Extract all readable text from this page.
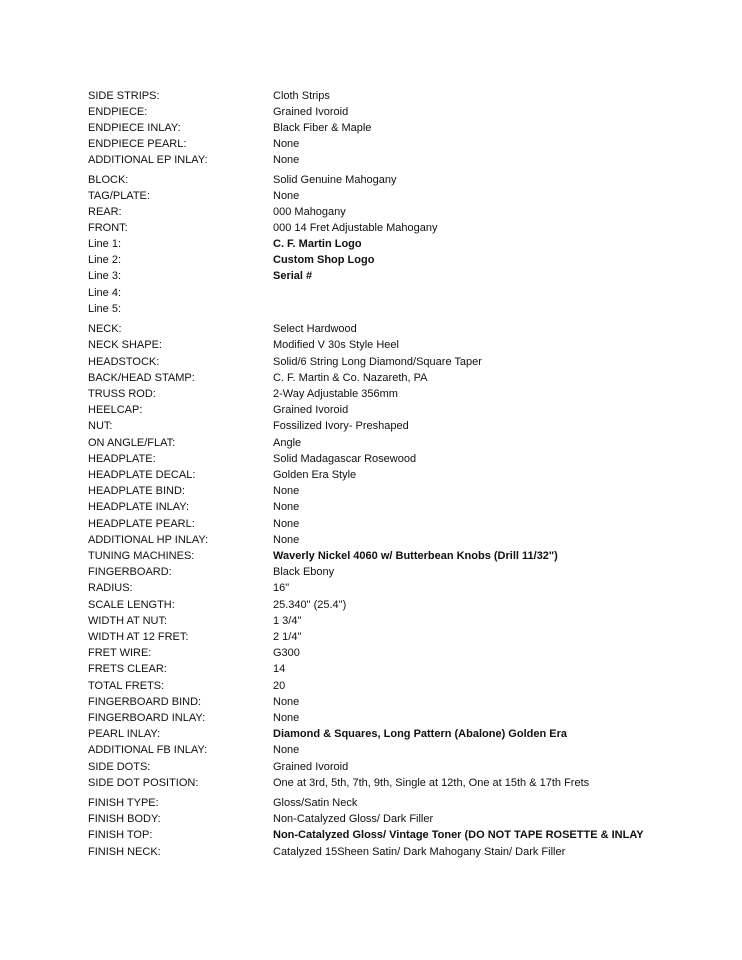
SIDE STRIPS:	Cloth Strips
ENDPIECE:	Grained Ivoroid
ENDPIECE INLAY:	Black Fiber & Maple
ENDPIECE PEARL:	None
ADDITIONAL EP INLAY:	None
BLOCK:	Solid Genuine Mahogany
TAG/PLATE:	None
REAR:	000 Mahogany
FRONT:	000 14 Fret Adjustable Mahogany
Line 1:	C. F. Martin Logo
Line 2:	Custom Shop Logo
Line 3:	Serial #
Line 4:
Line 5:
NECK:	Select Hardwood
NECK SHAPE:	Modified V 30s Style Heel
HEADSTOCK:	Solid/6 String Long Diamond/Square Taper
BACK/HEAD STAMP:	C. F. Martin & Co. Nazareth, PA
TRUSS ROD:	2-Way Adjustable 356mm
HEELCAP:	Grained Ivoroid
NUT:	Fossilized Ivory- Preshaped
ON ANGLE/FLAT:	Angle
HEADPLATE:	Solid Madagascar Rosewood
HEADPLATE DECAL:	Golden Era Style
HEADPLATE BIND:	None
HEADPLATE INLAY:	None
HEADPLATE PEARL:	None
ADDITIONAL HP INLAY:	None
TUNING MACHINES:	Waverly Nickel 4060 w/ Butterbean Knobs (Drill 11/32")
FINGERBOARD:	Black Ebony
RADIUS:	16"
SCALE LENGTH:	25.340" (25.4")
WIDTH AT NUT:	1 3/4"
WIDTH AT 12 FRET:	2 1/4"
FRET WIRE:	G300
FRETS CLEAR:	14
TOTAL FRETS:	20
FINGERBOARD BIND:	None
FINGERBOARD INLAY:	None
PEARL INLAY:	Diamond & Squares, Long Pattern (Abalone) Golden Era
ADDITIONAL FB INLAY:	None
SIDE DOTS:	Grained Ivoroid
SIDE DOT POSITION:	One at 3rd, 5th, 7th, 9th, Single at 12th, One at 15th & 17th Frets
FINISH TYPE:	Gloss/Satin Neck
FINISH BODY:	Non-Catalyzed Gloss/ Dark Filler
FINISH TOP:	Non-Catalyzed Gloss/ Vintage Toner (DO NOT TAPE ROSETTE & INLAY
FINISH NECK:	Catalyzed 15Sheen Satin/ Dark Mahogany Stain/ Dark Filler
